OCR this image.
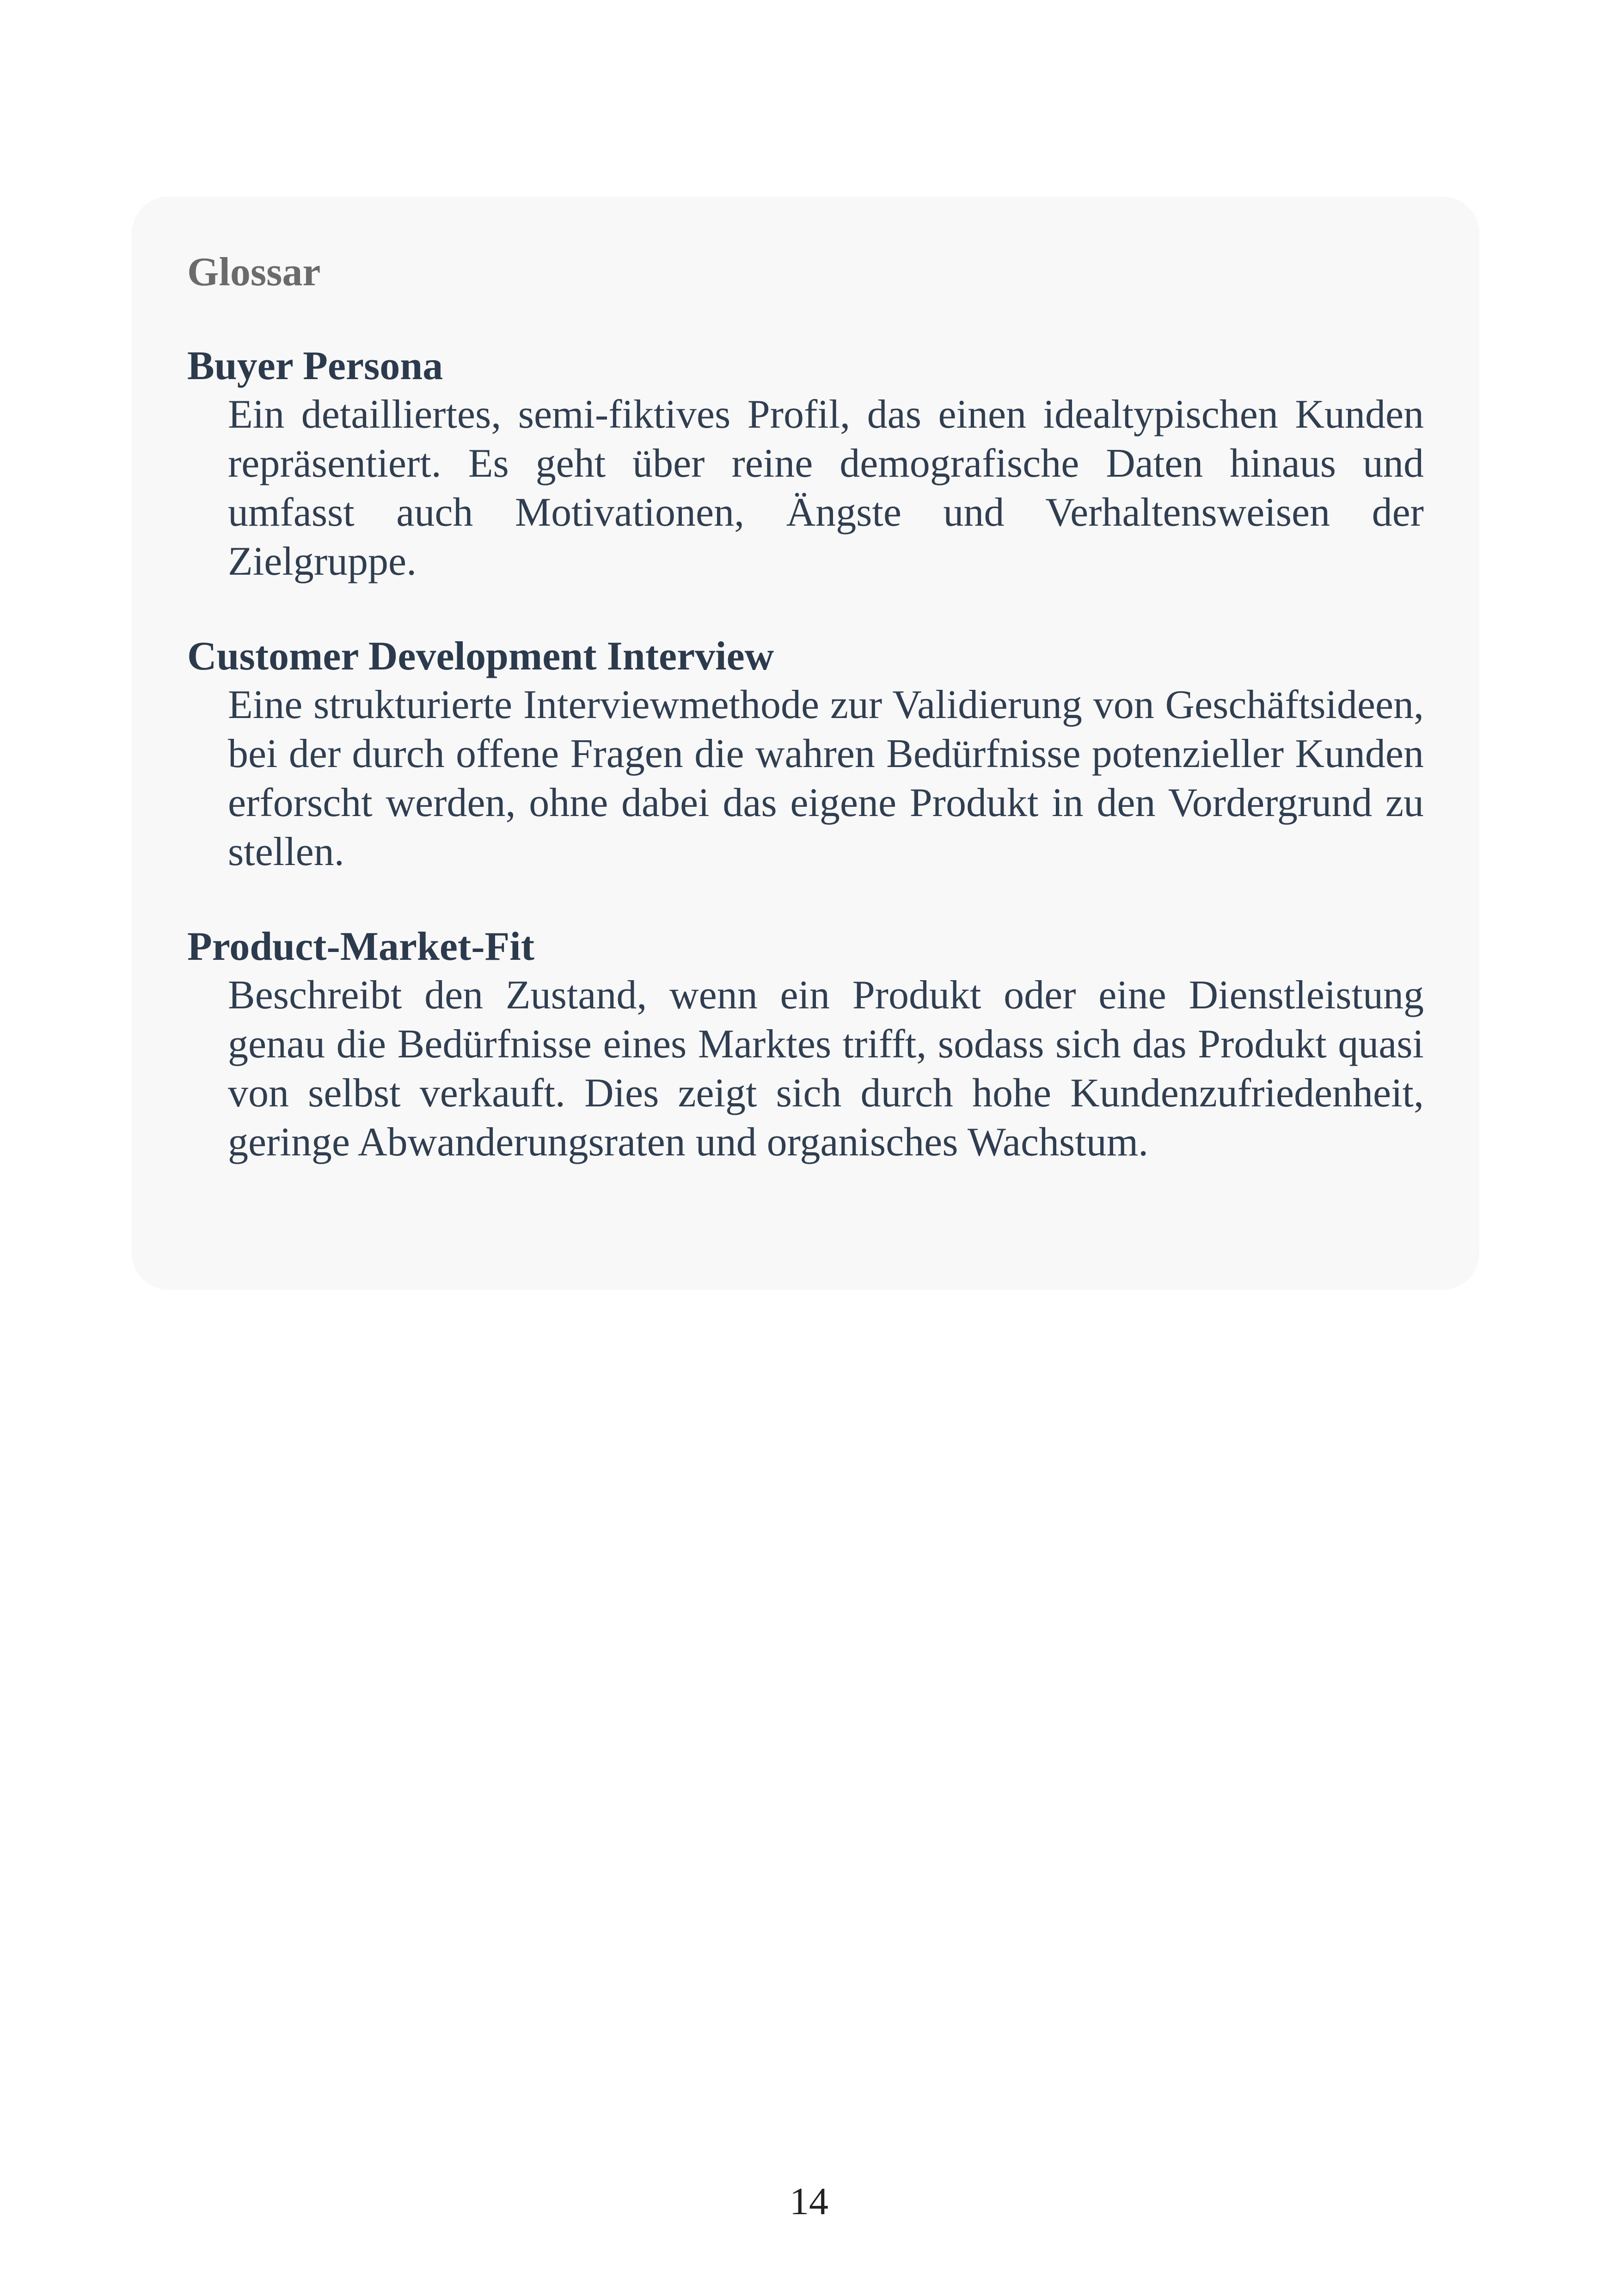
Glossar
Buyer Persona
Ein detailliertes, semi-fiktives Profil, das einen idealtypischen Kunden repräsentiert. Es geht über reine demografische Daten hinaus und umfasst auch Motivationen, Ängste und Verhaltensweisen der Zielgruppe.
Customer Development Interview
Eine strukturierte Interviewmethode zur Validierung von Geschäftsideen, bei der durch offene Fragen die wahren Bedürfnisse potenzieller Kunden erforscht werden, ohne dabei das eigene Produkt in den Vordergrund zu stellen.
Product-Market-Fit
Beschreibt den Zustand, wenn ein Produkt oder eine Dienstleistung genau die Bedürfnisse eines Marktes trifft, sodass sich das Produkt quasi von selbst verkauft. Dies zeigt sich durch hohe Kundenzufriedenheit, geringe Abwanderungsraten und organisches Wachstum.
14
